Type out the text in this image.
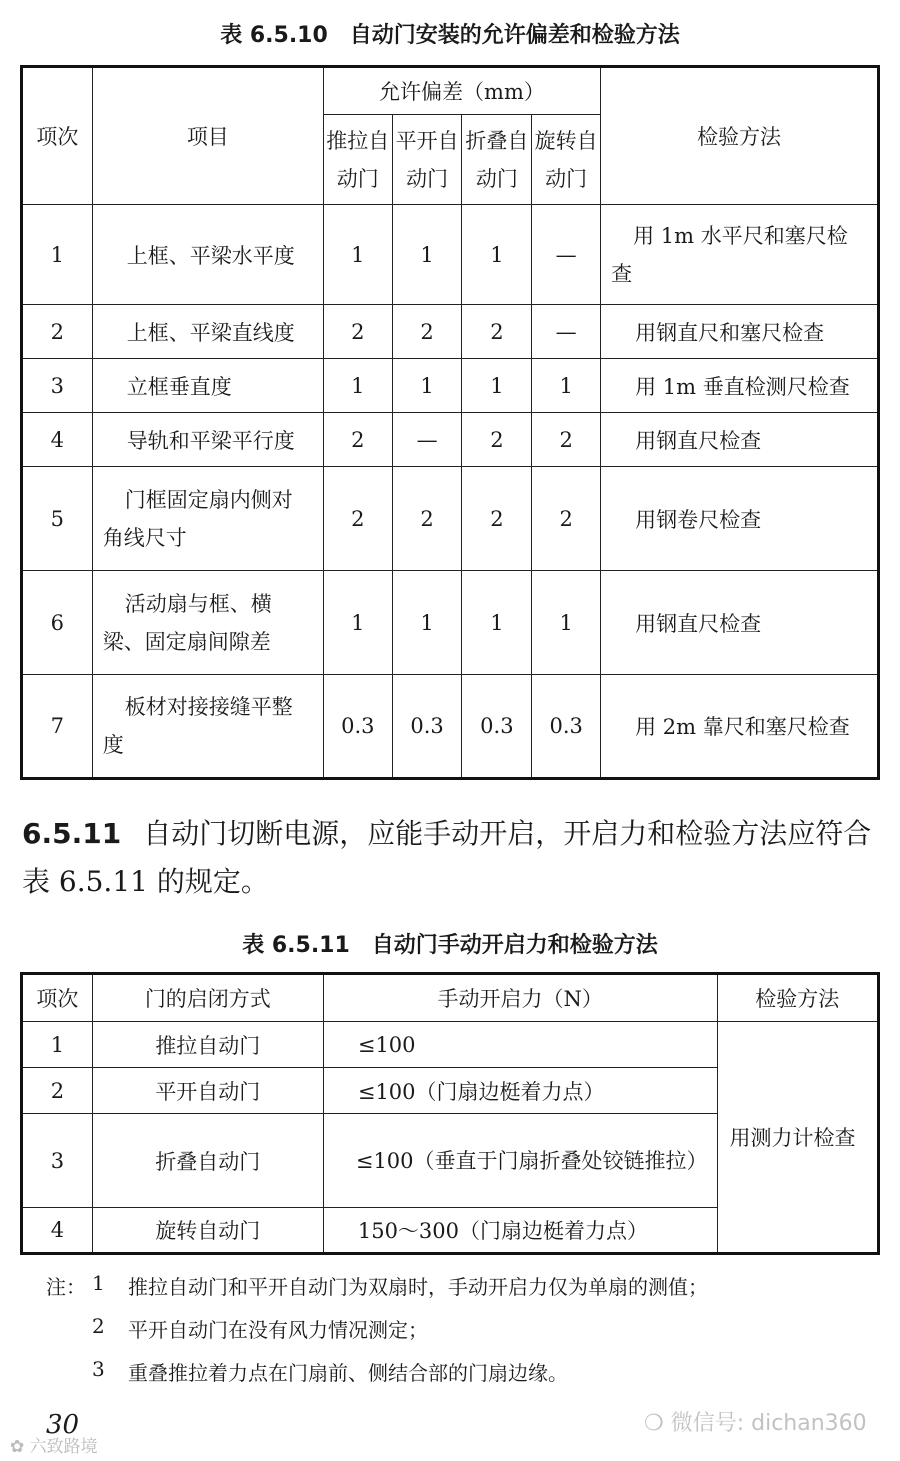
表 6.5.10　自动门安装的允许偏差和检验方法
项次	项目	允许偏差（mm）				检验方法
		推拉自动门	平开自动门	折叠自动门	旋转自动门	
1	上框、平梁水平度	1	1	1	—	用 1m 水平尺和塞尺检查
2	上框、平梁直线度	2	2	2	—	用钢直尺和塞尺检查
3	立框垂直度	1	1	1	1	用 1m 垂直检测尺检查
4	导轨和平梁平行度	2	—	2	2	用钢直尺检查
5	门框固定扇内侧对角线尺寸	2	2	2	2	用钢卷尺检查
6	活动扇与框、横梁、固定扇间隙差	1	1	1	1	用钢直尺检查
7	板材对接接缝平整度	0.3	0.3	0.3	0.3	用 2m 靠尺和塞尺检查
6.5.11 自动门切断电源，应能手动开启，开启力和检验方法应符合表 6.5.11 的规定。
表 6.5.11　自动门手动开启力和检验方法
项次	门的启闭方式	手动开启力（N）	检验方法
1	推拉自动门	≤100	用测力计检查
2	平开自动门	≤100（门扇边梃着力点）	
3	折叠自动门	≤100（垂直于门扇折叠处铰链推拉）	
4	旋转自动门	150～300（门扇边梃着力点）	
注： 1 推拉自动门和平开自动门为双扇时，手动开启力仅为单扇的测值；
2 平开自动门在没有风力情况测定；
3 重叠推拉着力点在门扇前、侧结合部的门扇边缘。
30
✿ 六致路境
❍ 微信号: dichan360
